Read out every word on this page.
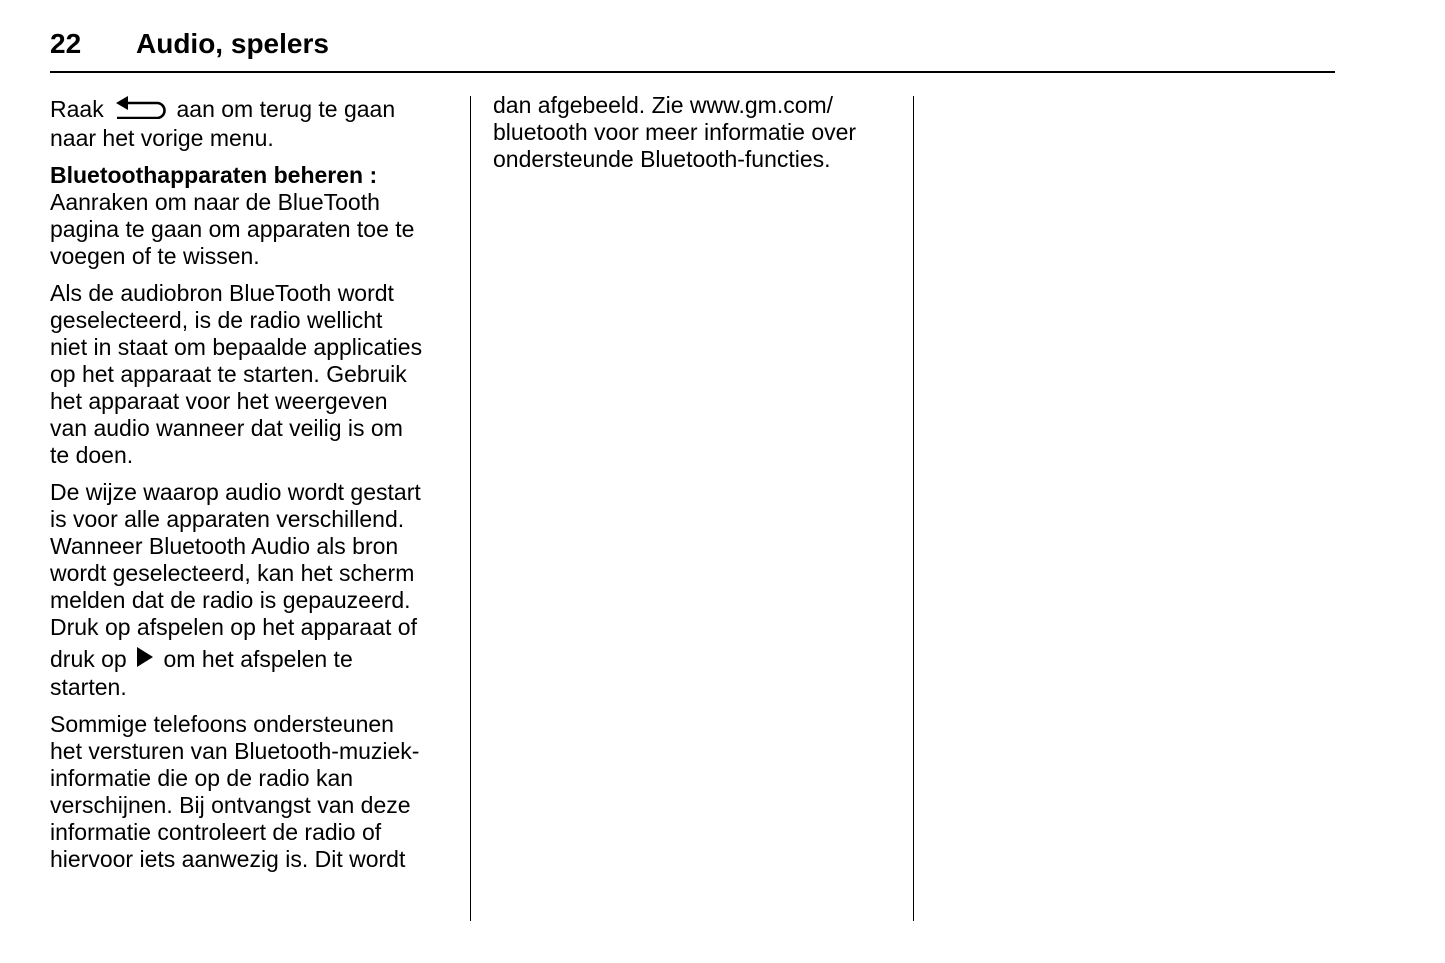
22 Audio, spelers

Raak	aan om terug te gaan
naar het vorige menu.

Bluetoothapparaten beheren :
Aanraken om naar de BlueTooth
pagina te gaan om apparaten toe te
voegen of te wissen.

Als de audiobron BlueTooth wordt
geselecteerd, is de radio wellicht
niet in staat om bepaalde applicaties
op het apparaat te starten. Gebruik
het apparaat voor het weergeven
van audio wanneer dat veilig is om
te doen.

De wijze waarop audio wordt gestart
is voor alle apparaten verschillend.
Wanneer Bluetooth Audio als bron
wordt geselecteerd, kan het scherm
melden dat de radio is gepauzeerd.
Druk op afspelen op het apparaat of
druk op  om het afspelen te
starten.

Sommige telefoons ondersteunen
het versturen van Bluetooth-muziek-
informatie die op de radio kan
verschijnen. Bij ontvangst van deze
informatie controleert de radio of
hiervoor iets aanwezig is. Dit wordt

dan afgebeeld. Zie www.gm.com/
bluetooth voor meer informatie over
ondersteunde Bluetooth-functies.
